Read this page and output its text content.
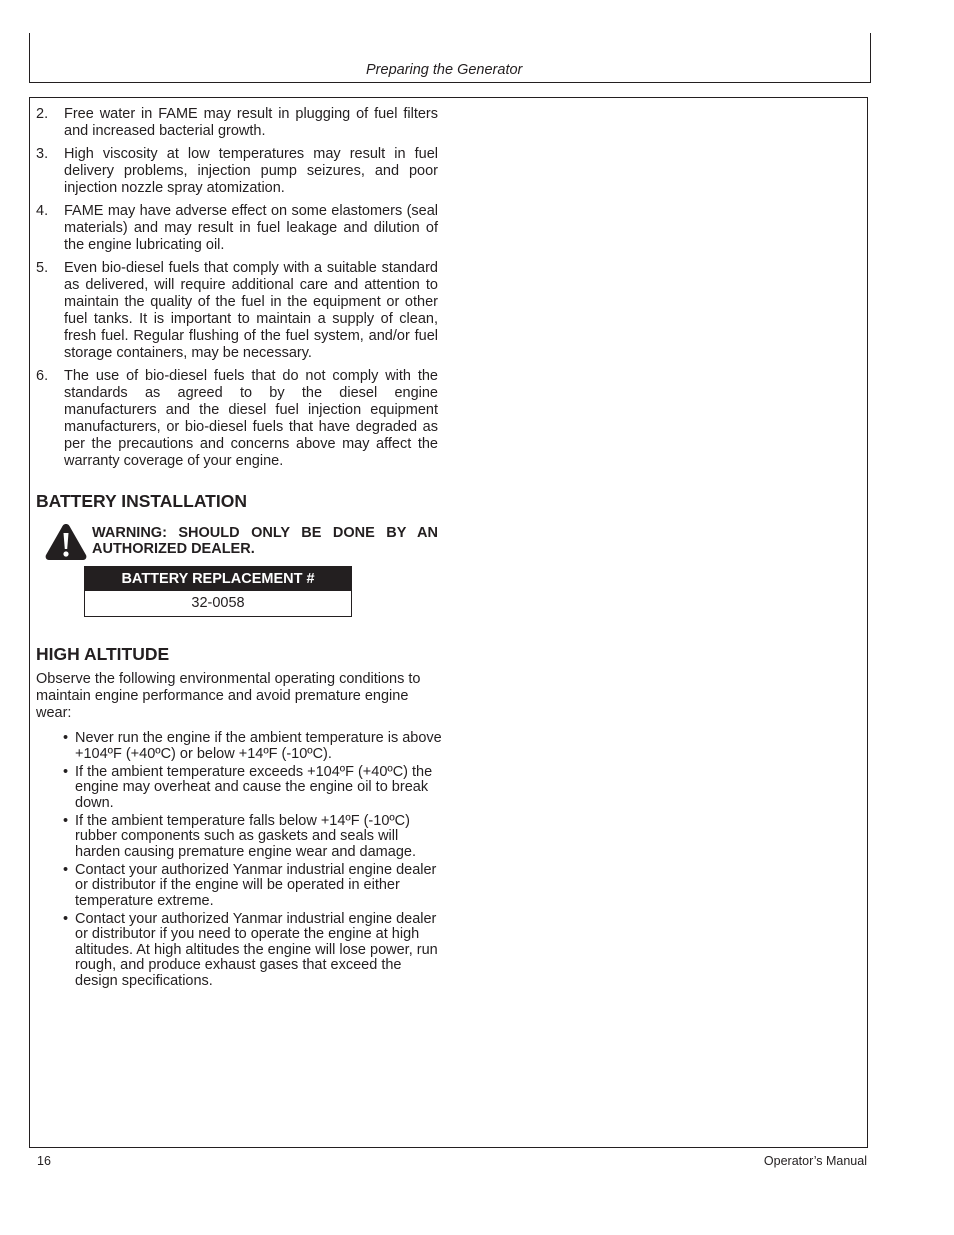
Preparing the Generator
2. Free water in FAME may result in plugging of fuel filters and increased bacterial growth.
3. High viscosity at low temperatures may result in fuel delivery problems, injection pump seizures, and poor injection nozzle spray atomization.
4. FAME may have adverse effect on some elastomers (seal materials) and may result in fuel leakage and dilution of the engine lubricating oil.
5. Even bio-diesel fuels that comply with a suitable standard as delivered, will require additional care and attention to maintain the quality of the fuel in the equipment or other fuel tanks. It is important to maintain a supply of clean, fresh fuel. Regular flushing of the fuel system, and/or fuel storage containers, may be necessary.
6. The use of bio-diesel fuels that do not comply with the standards as agreed to by the diesel engine manufacturers and the diesel fuel injection equipment manufacturers, or bio-diesel fuels that have degraded as per the precautions and concerns above may affect the warranty coverage of your engine.
BATTERY INSTALLATION
WARNING: SHOULD ONLY BE DONE BY AN AUTHORIZED DEALER.
BATTERY REPLACEMENT #
32-0058
HIGH ALTITUDE

Observe the following environmental operating conditions to maintain engine performance and avoid premature engine wear:

• Never run the engine if the ambient temperature is above +104ºF (+40ºC) or below +14ºF (-10ºC).
• If the ambient temperature exceeds +104ºF (+40ºC) the engine may overheat and cause the engine oil to break down.
• If the ambient temperature falls below +14ºF (-10ºC) rubber components such as gaskets and seals will harden causing premature engine wear and damage.
• Contact your authorized Yanmar industrial engine dealer or distributor if the engine will be operated in either temperature extreme.
• Contact your authorized Yanmar industrial engine dealer or distributor if you need to operate the engine at high altitudes. At high altitudes the engine will lose power, run rough, and produce exhaust gases that exceed the design specifications.
16	Operator’s Manual
